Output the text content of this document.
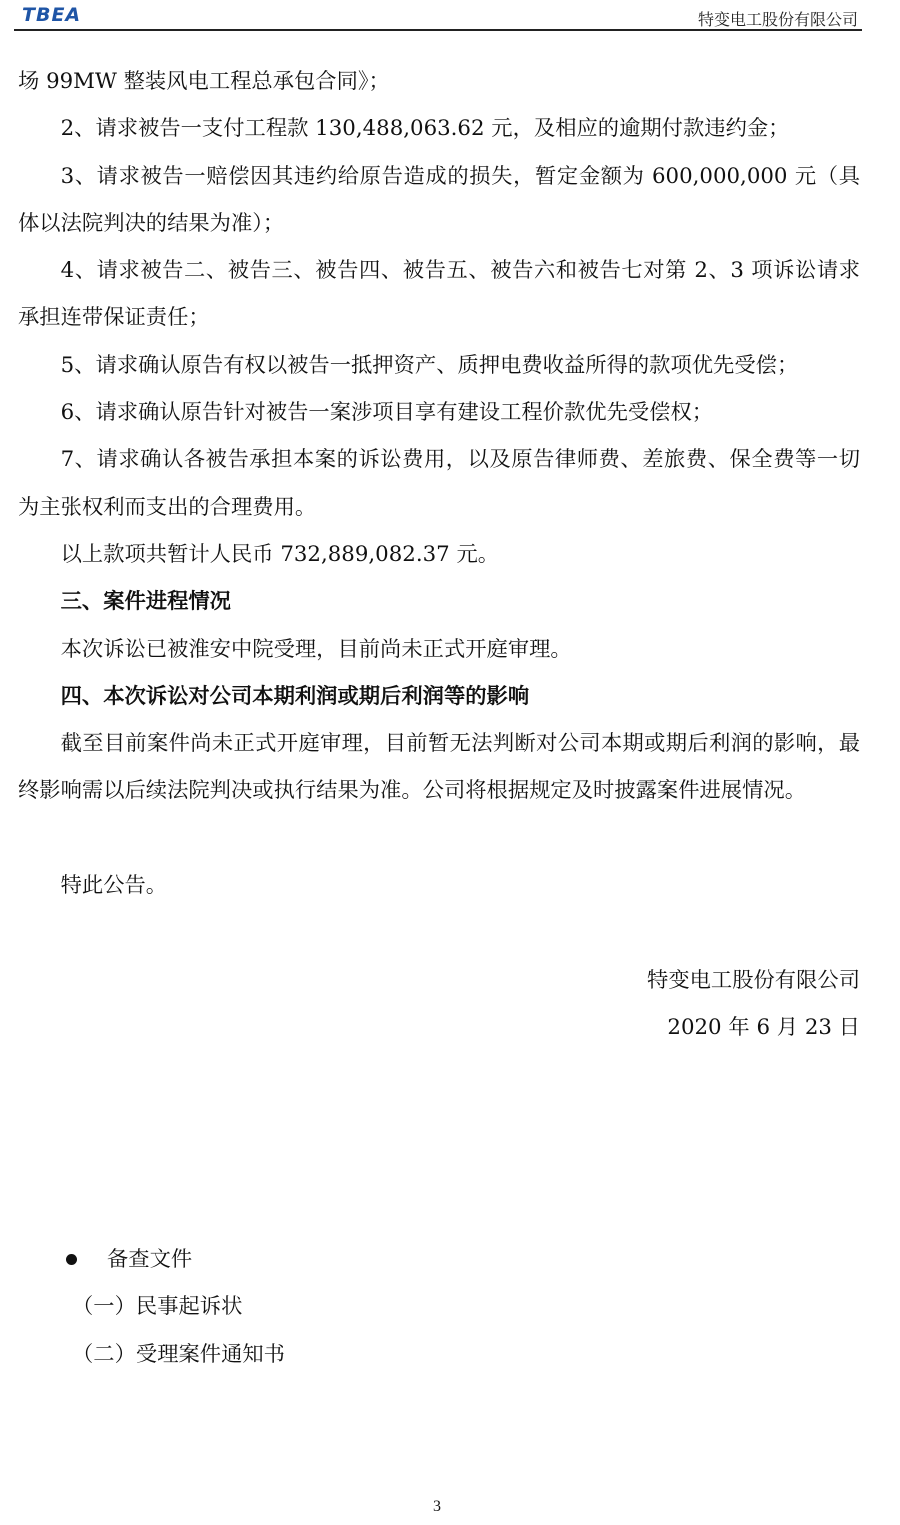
TBEA	特变电工股份有限公司

场 99MW 整装风电工程总承包合同》；

2、请求被告一支付工程款 130,488,063.62 元，及相应的逾期付款违约金；

3、请求被告一赔偿因其违约给原告造成的损失，暂定金额为 600,000,000 元（具体以法院判决的结果为准）；

4、请求被告二、被告三、被告四、被告五、被告六和被告七对第 2、3 项诉讼请求承担连带保证责任；

5、请求确认原告有权以被告一抵押资产、质押电费收益所得的款项优先受偿；

6、请求确认原告针对被告一案涉项目享有建设工程价款优先受偿权；

7、请求确认各被告承担本案的诉讼费用，以及原告律师费、差旅费、保全费等一切为主张权利而支出的合理费用。

以上款项共暂计人民币 732,889,082.37 元。

三、案件进程情况

本次诉讼已被淮安中院受理，目前尚未正式开庭审理。

四、本次诉讼对公司本期利润或期后利润等的影响

截至目前案件尚未正式开庭审理，目前暂无法判断对公司本期或期后利润的影响，最终影响需以后续法院判决或执行结果为准。公司将根据规定及时披露案件进展情况。

特此公告。

特变电工股份有限公司

2020 年 6 月 23 日

备查文件
（一）民事起诉状
（二）受理案件通知书
3
